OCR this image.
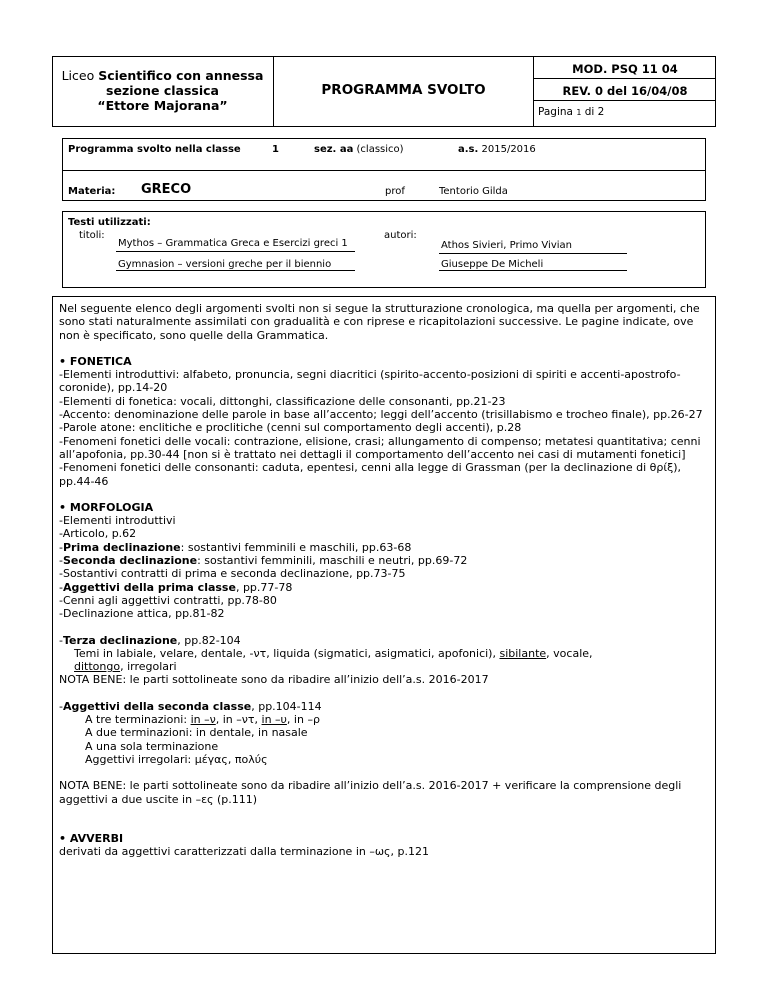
Liceo Scientifico con annessa
sezione classica
“Ettore Majorana”
PROGRAMMA SVOLTO
MOD. PSQ 11 04
REV. 0 del 16/04/08
Pagina 1 di 2
Programma svolto nella classe	1	sez. aa (classico)	a.s. 2015/2016
Materia: GRECO	prof	Tentorio Gilda
Testi utilizzati:
titoli:	autori:
Mythos – Grammatica Greca e Esercizi greci 1	Athos Sivieri, Primo Vivian
Gymnasion – versioni greche per il biennio	Giuseppe De Micheli

Nel seguente elenco degli argomenti svolti non si segue la strutturazione cronologica, ma quella per argomenti, che sono stati naturalmente assimilati con gradualità e con riprese e ricapitolazioni successive. Le pagine indicate, ove non è specificato, sono quelle della Grammatica.

• FONETICA

-Elementi introduttivi: alfabeto, pronuncia, segni diacritici (spirito-accento-posizioni di spiriti e accenti-apostrofo-coronide), pp.14-20

-Elementi di fonetica: vocali, dittonghi, classificazione delle consonanti, pp.21-23

-Accento: denominazione delle parole in base all’accento; leggi dell’accento (trisillabismo e trocheo finale), pp.26-27

-Parole atone: enclitiche e proclitiche (cenni sul comportamento degli accenti), p.28

-Fenomeni fonetici delle vocali: contrazione, elisione, crasi; allungamento di compenso; metatesi quantitativa; cenni all’apofonia, pp.30-44 [non si è trattato nei dettagli il comportamento dell’accento nei casi di mutamenti fonetici]

-Fenomeni fonetici delle consonanti: caduta, epentesi, cenni alla legge di Grassman (per la declinazione di θρίξ), pp.44-46

• MORFOLOGIA

-Elementi introduttivi

-Articolo, p.62

-Prima declinazione: sostantivi femminili e maschili, pp.63-68

-Seconda declinazione: sostantivi femminili, maschili e neutri, pp.69-72

-Sostantivi contratti di prima e seconda declinazione, pp.73-75

-Aggettivi della prima classe, pp.77-78

-Cenni agli aggettivi contratti, pp.78-80

-Declinazione attica, pp.81-82

-Terza declinazione, pp.82-104

Temi in labiale, velare, dentale, -ντ, liquida (sigmatici, asigmatici, apofonici), sibilante, vocale,
dittongo, irregolari

NOTA BENE: le parti sottolineate sono da ribadire all’inizio dell’a.s. 2016-2017

-Aggettivi della seconda classe, pp.104-114

A tre terminazioni: in –ν, in –ντ, in –υ, in –ρ

A due terminazioni: in dentale, in nasale

A una sola terminazione

Aggettivi irregolari: μέγας, πολύς

NOTA BENE: le parti sottolineate sono da ribadire all’inizio dell’a.s. 2016-2017 + verificare la comprensione degli aggettivi a due uscite in –ες (p.111)

• AVVERBI

derivati da aggettivi caratterizzati dalla terminazione in –ως, p.121
